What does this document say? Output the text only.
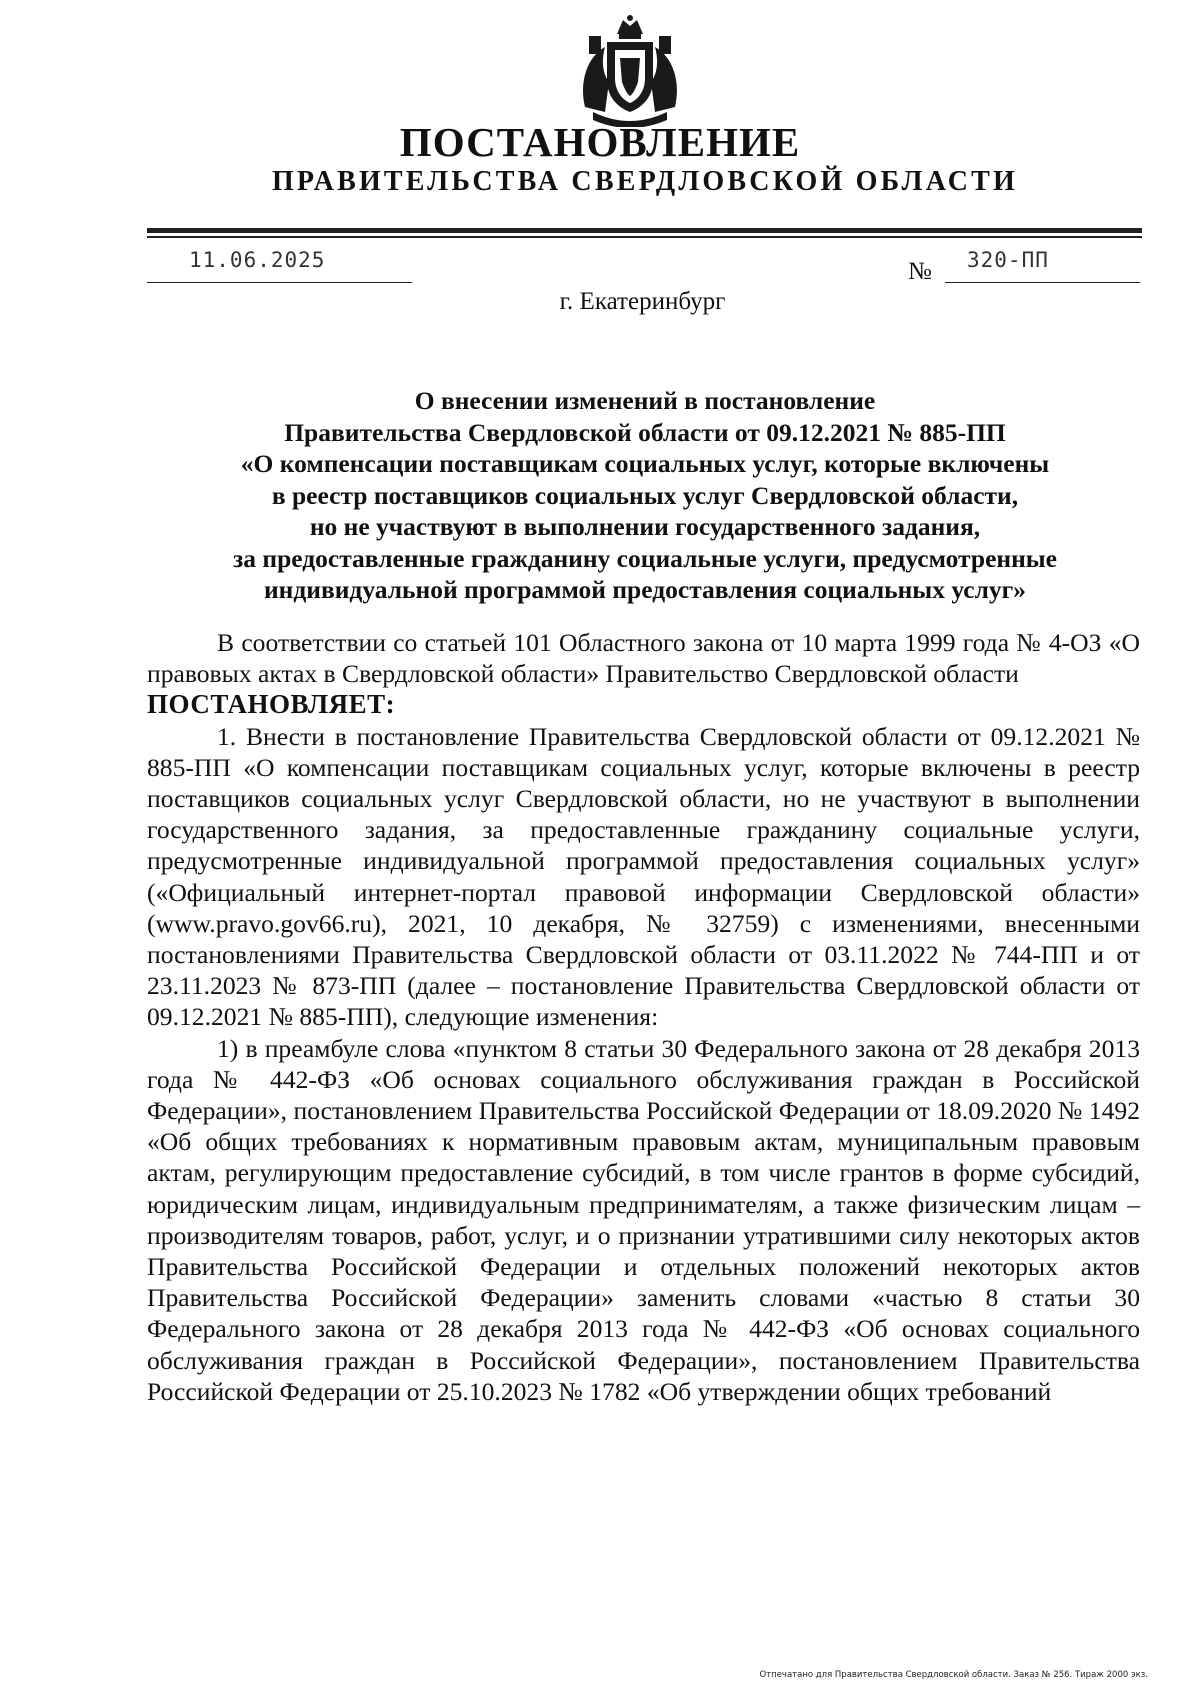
ПОСТАНОВЛЕНИЕ
ПРАВИТЕЛЬСТВА СВЕРДЛОВСКОЙ ОБЛАСТИ
11.06.2025	№ 320-ПП
г. Екатеринбург
О внесении изменений в постановление
Правительства Свердловской области от 09.12.2021 № 885-ПП
«О компенсации поставщикам социальных услуг, которые включены
в реестр поставщиков социальных услуг Свердловской области,
но не участвуют в выполнении государственного задания,
за предоставленные гражданину социальные услуги, предусмотренные
индивидуальной программой предоставления социальных услуг»

В соответствии со статьей 101 Областного закона от 10 марта 1999 года № 4-ОЗ «О правовых актах в Свердловской области» Правительство Свердловской области

ПОСТАНОВЛЯЕТ:

1. Внести в постановление Правительства Свердловской области от 09.12.2021 № 885-ПП «О компенсации поставщикам социальных услуг, которые включены в реестр поставщиков социальных услуг Свердловской области, но не участвуют в выполнении государственного задания, за предоставленные гражданину социальные услуги, предусмотренные индивидуальной программой предоставления социальных услуг» («Официальный интернет-портал правовой информации Свердловской области» (www.pravo.gov66.ru), 2021, 10 декабря, № 32759) с изменениями, внесенными постановлениями Правительства Свердловской области от 03.11.2022 № 744-ПП и от 23.11.2023 № 873-ПП (далее – постановление Правительства Свердловской области от 09.12.2021 № 885-ПП), следующие изменения:

1) в преамбуле слова «пунктом 8 статьи 30 Федерального закона от 28 декабря 2013 года № 442-ФЗ «Об основах социального обслуживания граждан в Российской Федерации», постановлением Правительства Российской Федерации от 18.09.2020 № 1492 «Об общих требованиях к нормативным правовым актам, муниципальным правовым актам, регулирующим предоставление субсидий, в том числе грантов в форме субсидий, юридическим лицам, индивидуальным предпринимателям, а также физическим лицам – производителям товаров, работ, услуг, и о признании утратившими силу некоторых актов Правительства Российской Федерации и отдельных положений некоторых актов Правительства Российской Федерации» заменить словами «частью 8 статьи 30 Федерального закона от 28 декабря 2013 года № 442-ФЗ «Об основах социального обслуживания граждан в Российской Федерации», постановлением Правительства Российской Федерации от 25.10.2023 № 1782 «Об утверждении общих требований

Отпечатано для Правительства Свердловской области. Заказ № 256. Тираж 2000 экз.
